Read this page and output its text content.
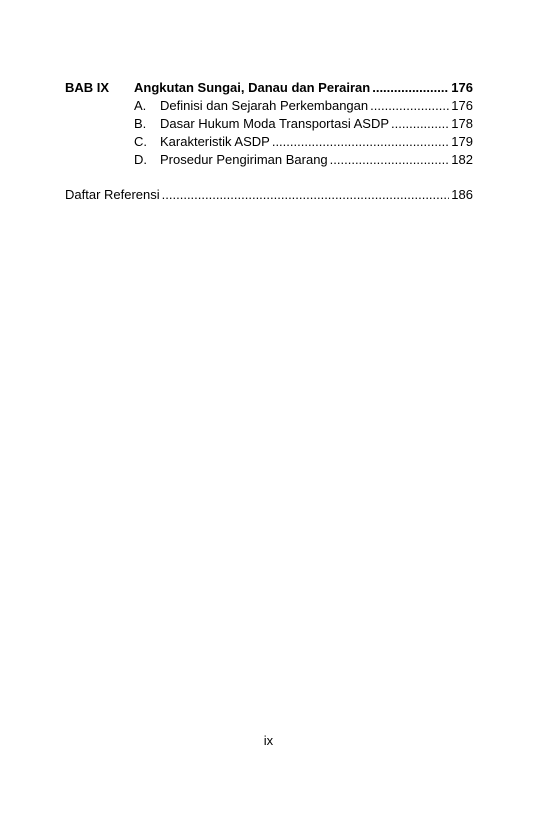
BAB IX	Angkutan Sungai, Danau dan Perairan .....	176
A.	Definisi dan Sejarah Perkembangan .....	176
B.	Dasar Hukum Moda Transportasi ASDP .....	178
C.	Karakteristik ASDP .....	179
D.	Prosedur Pengiriman Barang .....	182
Daftar Referensi .....	186
ix
